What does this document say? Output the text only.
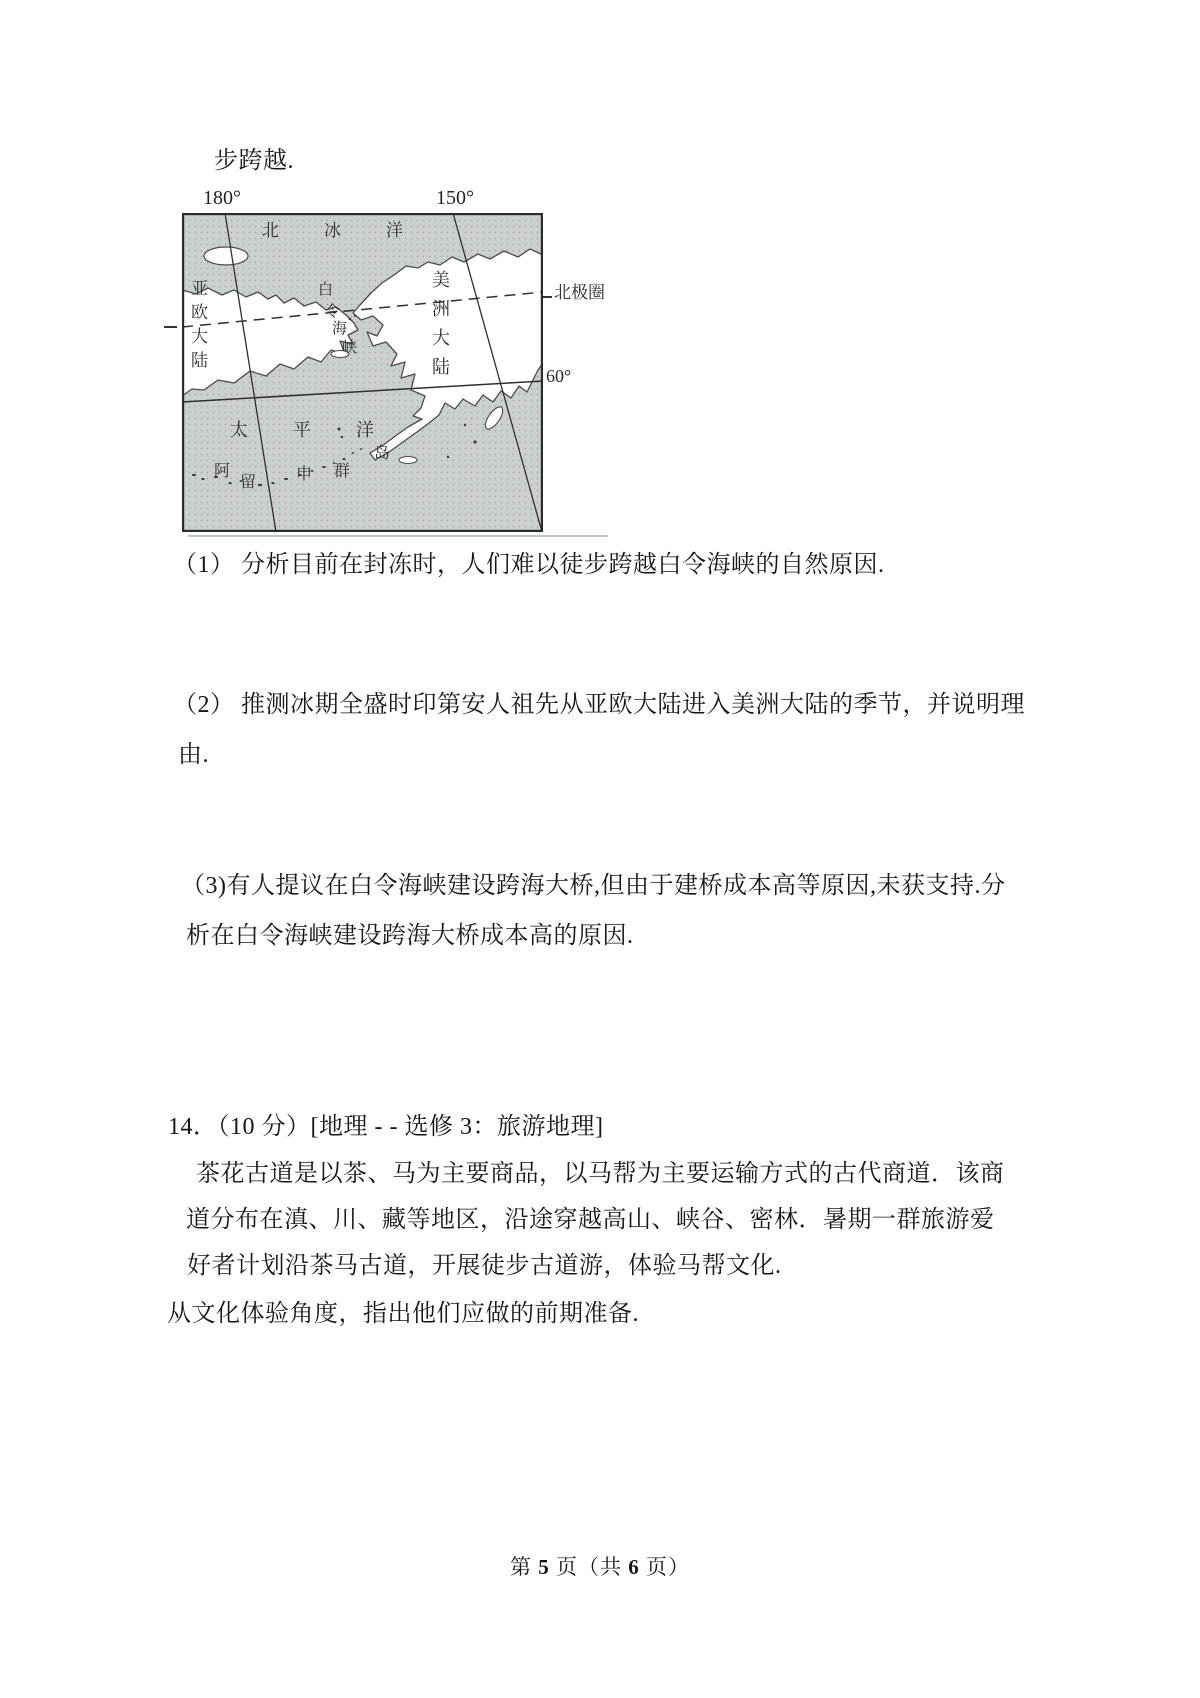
步跨越.
180°	150°
北冰洋
亚欧大陆	白
令
海
峡	美洲大陆
太平洋
阿
留 申 群
岛
北极圈
60°
（1） 分析目前在封冻时，人们难以徒步跨越白令海峡的自然原因.
（2） 推测冰期全盛时印第安人祖先从亚欧大陆进入美洲大陆的季节，并说明理
由.
（3)有人提议在白令海峡建设跨海大桥,但由于建桥成本高等原因,未获支持.分
析在白令海峡建设跨海大桥成本高的原因.
14．（10 分）[地理 - - 选修 3：旅游地理]
茶花古道是以茶、马为主要商品，以马帮为主要运输方式的古代商道．该商
道分布在滇、川、藏等地区，沿途穿越高山、峡谷、密林．暑期一群旅游爱
好者计划沿茶马古道，开展徒步古道游，体验马帮文化.
从文化体验角度，指出他们应做的前期准备.
第 5 页（共 6 页）
